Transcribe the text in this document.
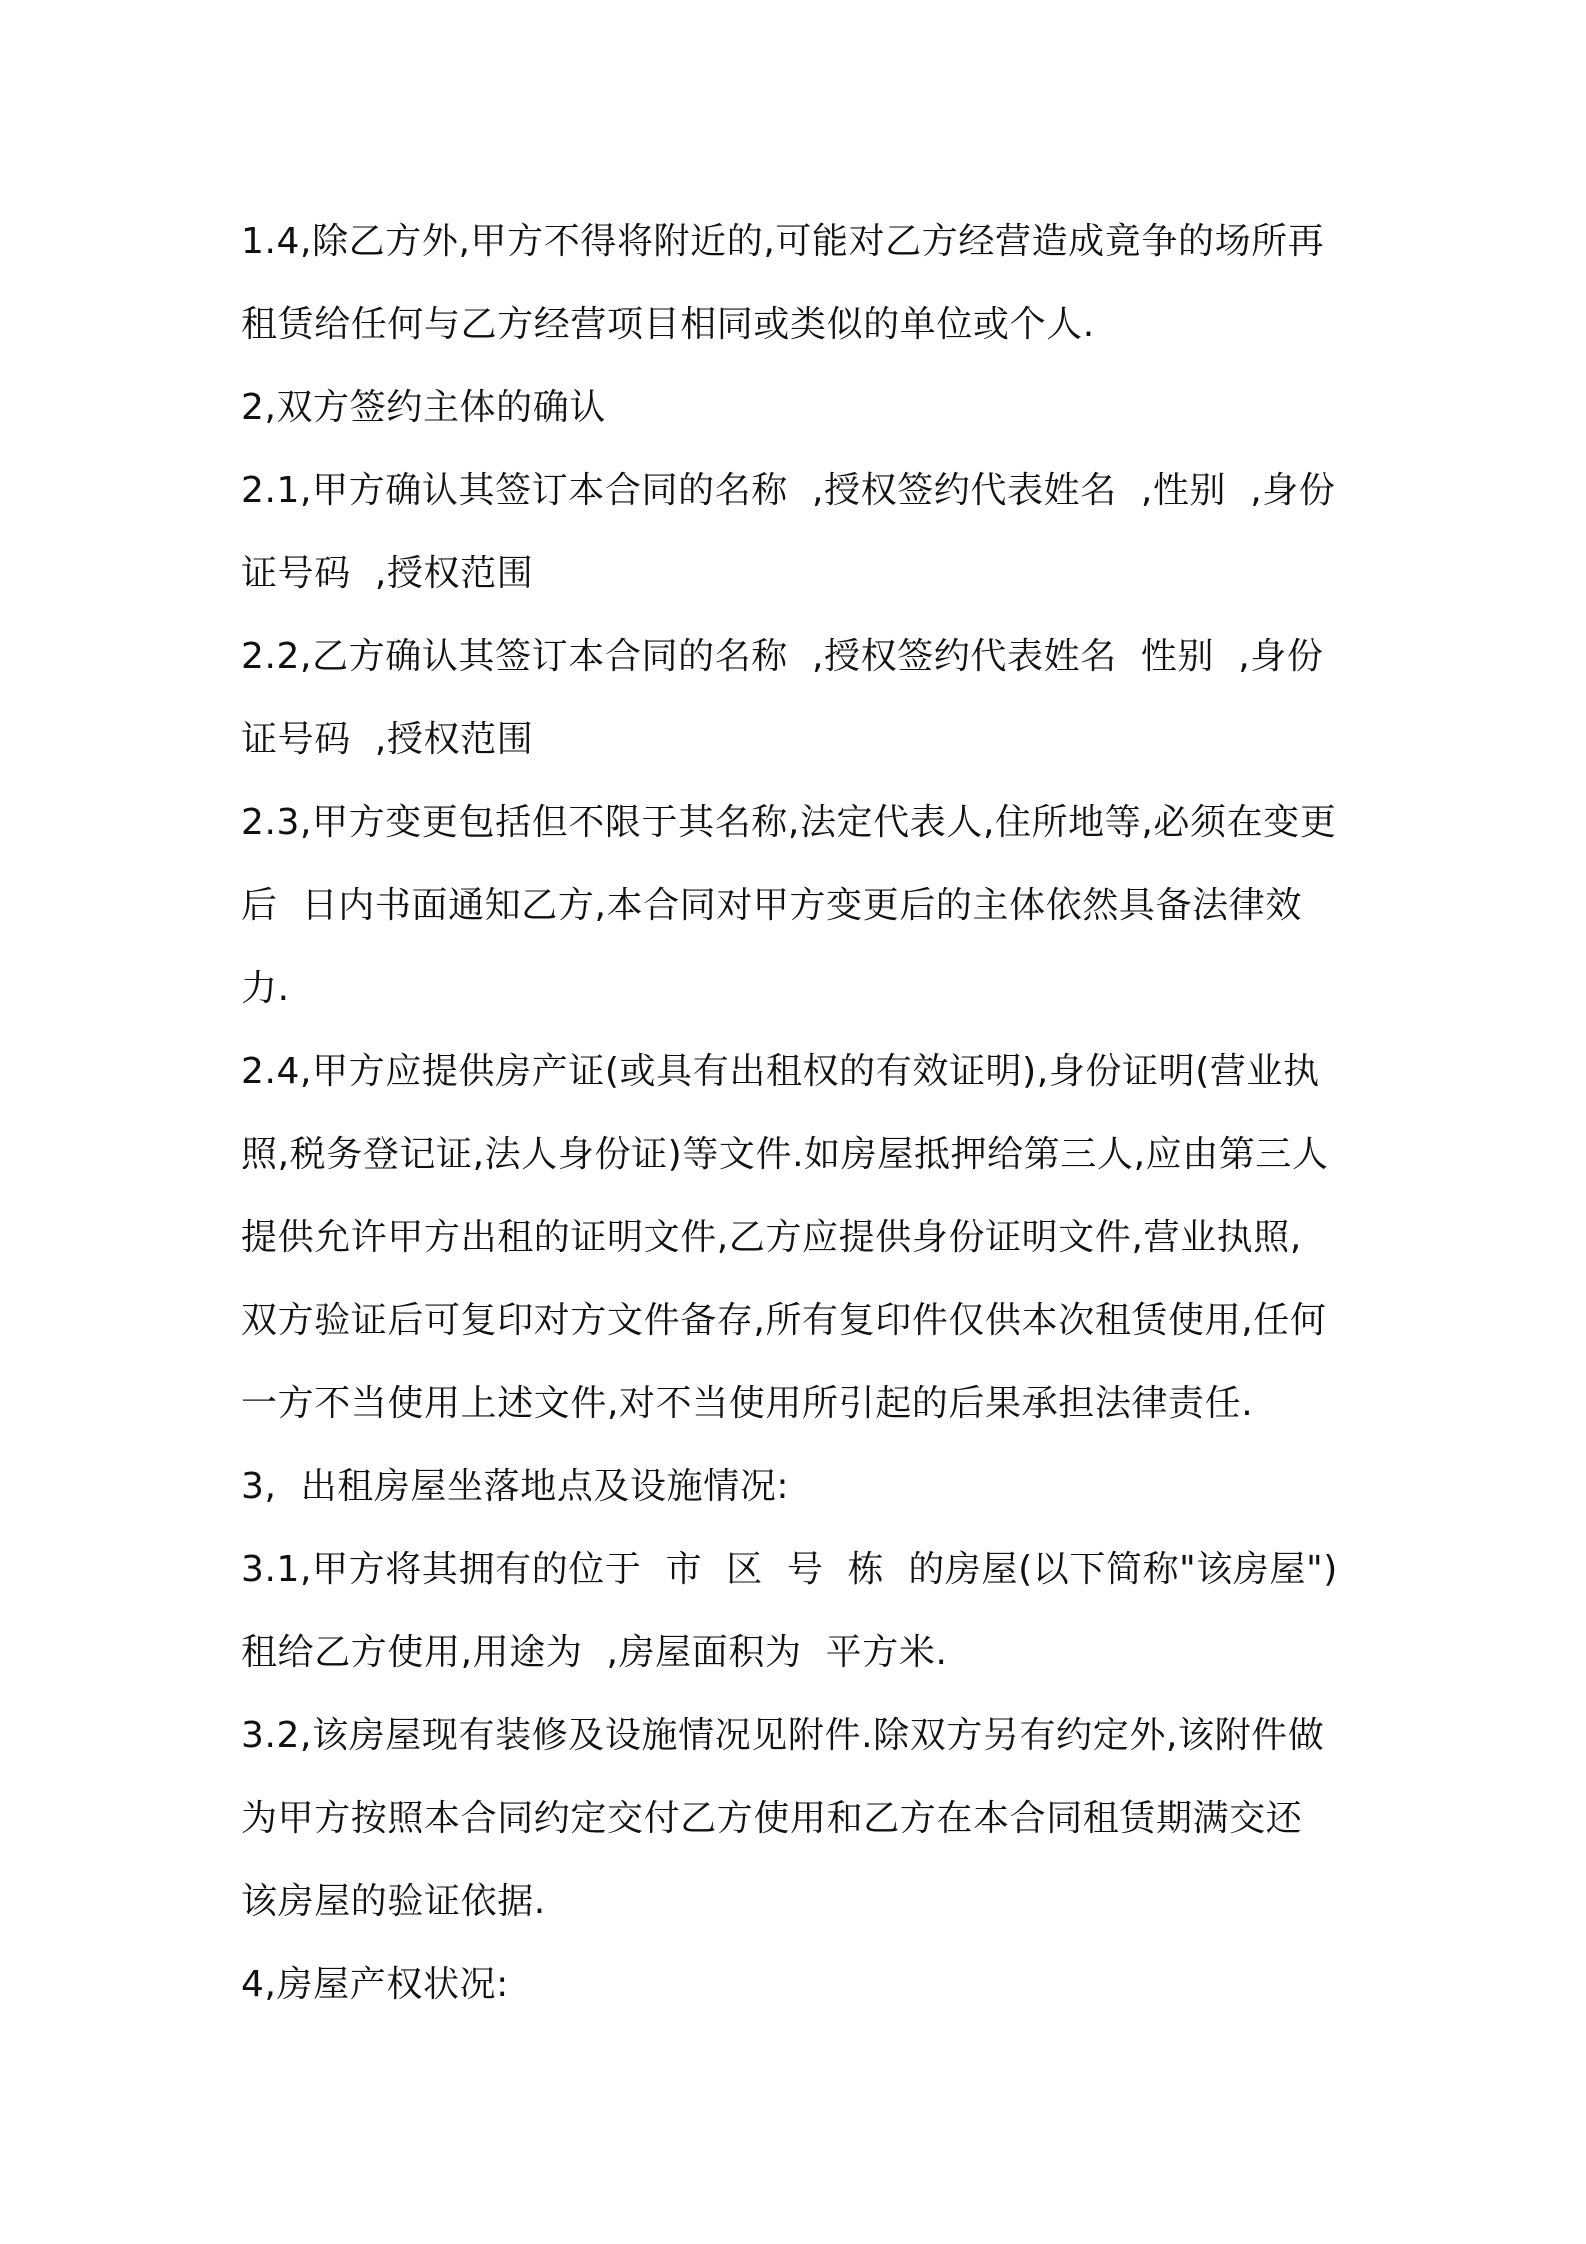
1.4,除乙方外,甲方不得将附近的,可能对乙方经营造成竟争的场所再
租赁给任何与乙方经营项目相同或类似的单位或个人.
2,双方签约主体的确认
2.1,甲方确认其签订本合同的名称  ,授权签约代表姓名  ,性别  ,身份
证号码  ,授权范围
2.2,乙方确认其签订本合同的名称  ,授权签约代表姓名  性别  ,身份
证号码  ,授权范围
2.3,甲方变更包括但不限于其名称,法定代表人,住所地等,必须在变更
后  日内书面通知乙方,本合同对甲方变更后的主体依然具备法律效
力.
2.4,甲方应提供房产证(或具有出租权的有效证明),身份证明(营业执
照,税务登记证,法人身份证)等文件.如房屋抵押给第三人,应由第三人
提供允许甲方出租的证明文件,乙方应提供身份证明文件,营业执照,
双方验证后可复印对方文件备存,所有复印件仅供本次租赁使用,任何
一方不当使用上述文件,对不当使用所引起的后果承担法律责任.
3,  出租房屋坐落地点及设施情况:
3.1,甲方将其拥有的位于  市  区  号  栋  的房屋(以下简称"该房屋")
租给乙方使用,用途为  ,房屋面积为  平方米.
3.2,该房屋现有装修及设施情况见附件.除双方另有约定外,该附件做
为甲方按照本合同约定交付乙方使用和乙方在本合同租赁期满交还
该房屋的验证依据.
4,房屋产权状况:
